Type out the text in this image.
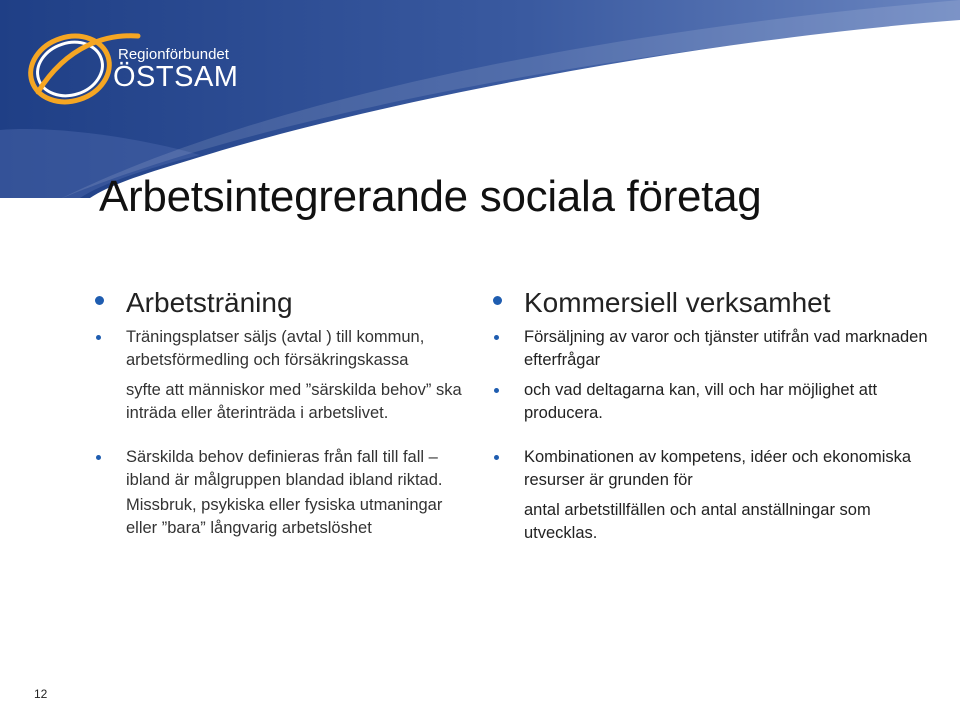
Regionförbundet
ÖSTSAM
Arbetsintegrerande sociala företag
Arbetsträning
Träningsplatser säljs (avtal ) till kommun, arbetsförmedling och försäkringskassa
syfte att människor med ”särskilda behov” ska inträda eller återinträda i arbetslivet.
Särskilda behov definieras från fall till fall – ibland är målgruppen blandad ibland riktad.
Missbruk, psykiska eller fysiska utmaningar eller ”bara” långvarig arbetslöshet
Kommersiell verksamhet
Försäljning av varor och tjänster utifrån vad marknaden efterfrågar
och vad deltagarna kan, vill och har möjlighet att producera.
Kombinationen av kompetens, idéer och ekonomiska resurser är grunden för
antal arbetstillfällen och antal anställningar som utvecklas.
12
